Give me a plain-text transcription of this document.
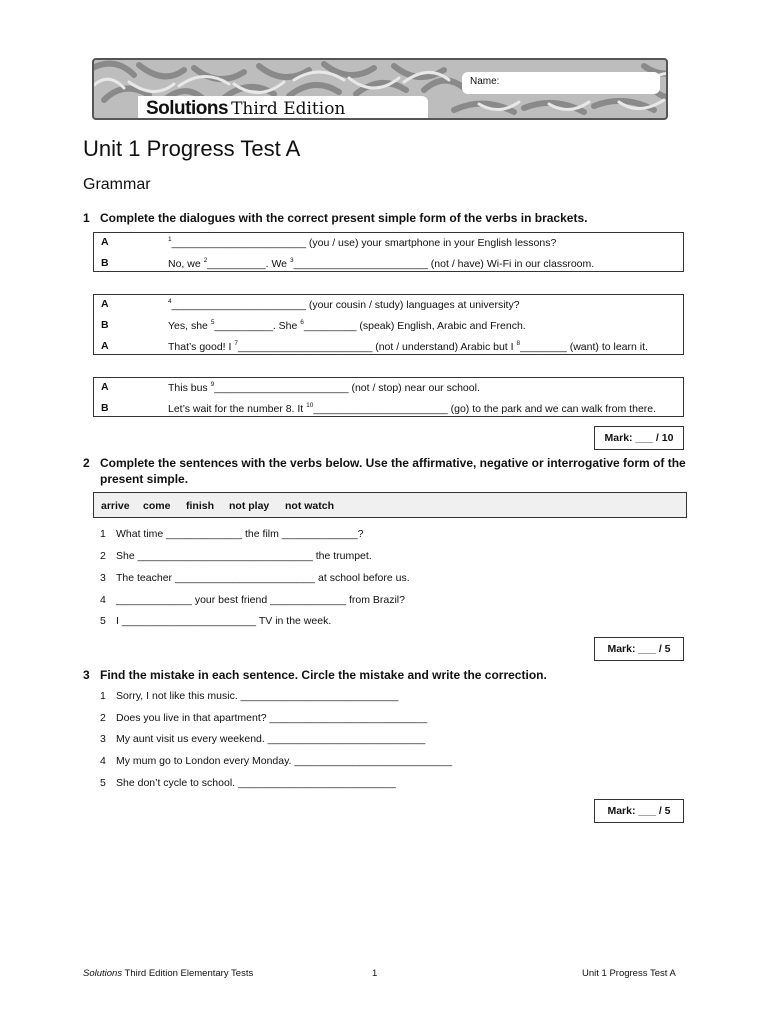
Name:
Solutions Third Edition
Unit 1 Progress Test A
Grammar
1 Complete the dialogues with the correct present simple form of the verbs in brackets.
A	$^1$_______________________ (you / use) your smartphone in your English lessons?
B	No, we $^2$__________. We $^3$_______________________ (not / have) Wi-Fi in our classroom.
A	$^4$_______________________ (your cousin / study) languages at university?
B	Yes, she $^5$__________. She $^6$_________ (speak) English, Arabic and French.
A	That’s good! I $^7$_______________________ (not / understand) Arabic but I $^8$________ (want) to learn it.
A	This bus $^9$_______________________ (not / stop) near our school.
B	Let’s wait for the number 8. It $^{10}$_______________________ (go) to the park and we can walk from there.
Mark: ___ / 10
2 Complete the sentences with the verbs below. Use the affirmative, negative or interrogative form of the present simple.
arrive come finish not play not watch
1 What time _____________ the film _____________?
2 She ______________________________ the trumpet.
3 The teacher ________________________ at school before us.
4 _____________ your best friend _____________ from Brazil?
5 I _______________________ TV in the week.
Mark: ___ / 5
3 Find the mistake in each sentence. Circle the mistake and write the correction.
1 Sorry, I not like this music. ___________________________
2 Does you live in that apartment? ___________________________
3 My aunt visit us every weekend. ___________________________
4 My mum go to London every Monday. ___________________________
5 She don’t cycle to school. ___________________________
Mark: ___ / 5
Solutions Third Edition Elementary Tests	1	Unit 1 Progress Test A
